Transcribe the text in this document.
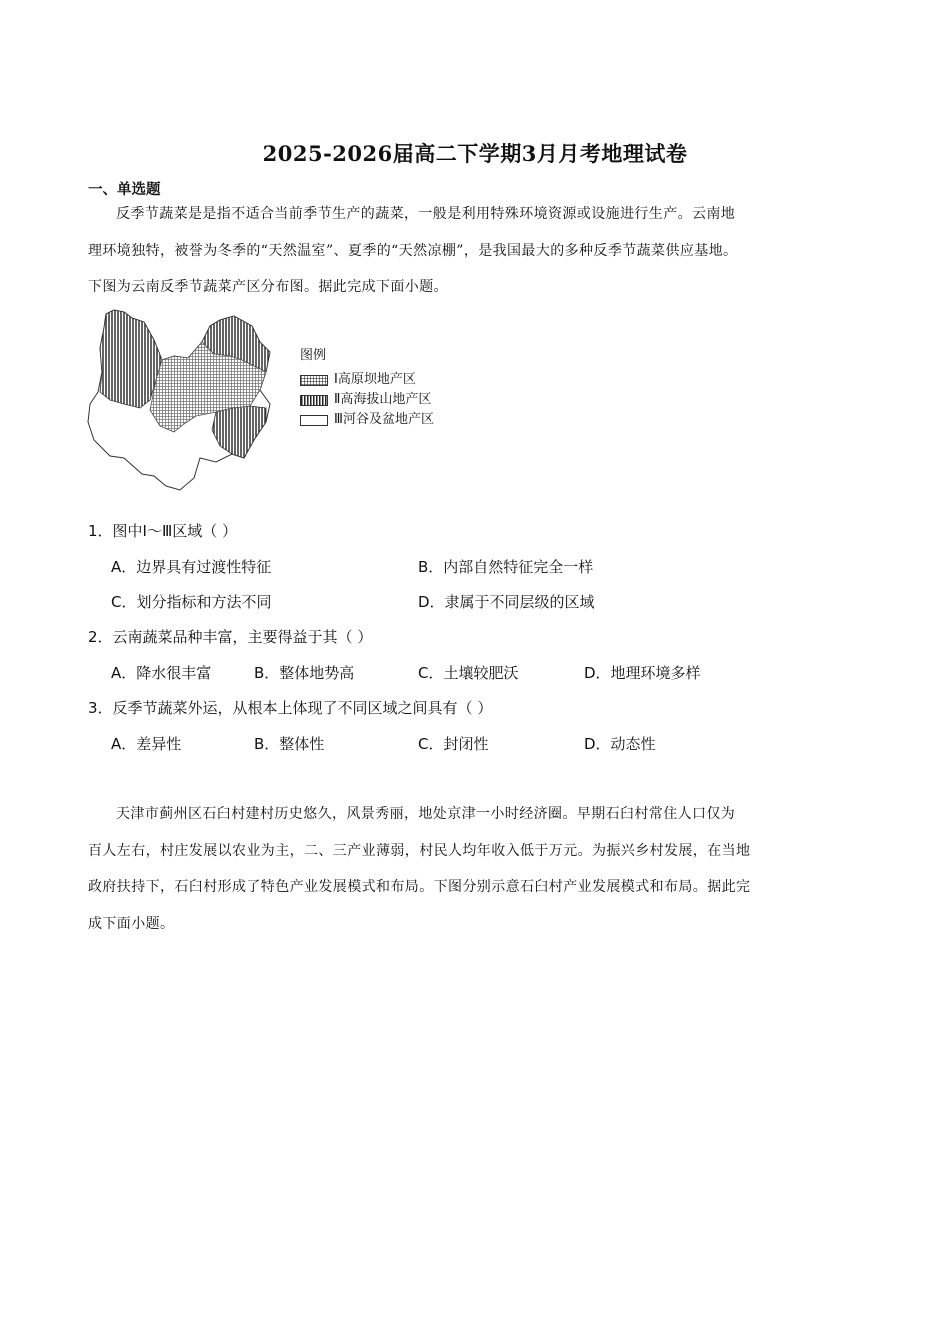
2025-2026届高二下学期3月月考地理试卷
一、单选题
反季节蔬菜是是指不适合当前季节生产的蔬菜，一般是利用特殊环境资源或设施进行生产。云南地
理环境独特，被誉为冬季的“天然温室”、夏季的“天然凉棚”，是我国最大的多种反季节蔬菜供应基地。
下图为云南反季节蔬菜产区分布图。据此完成下面小题。
图例
Ⅰ高原坝地产区
Ⅱ高海拔山地产区
Ⅲ河谷及盆地产区
1．图中Ⅰ～Ⅲ区域（ ）
A．边界具有过渡性特征	B．内部自然特征完全一样
C．划分指标和方法不同	D．隶属于不同层级的区域
2．云南蔬菜品种丰富，主要得益于其（ ）
A．降水很丰富	B．整体地势高	C．土壤较肥沃	D．地理环境多样
3．反季节蔬菜外运，从根本上体现了不同区域之间具有（ ）
A．差异性	B．整体性	C．封闭性	D．动态性
天津市蓟州区石臼村建村历史悠久，风景秀丽，地处京津一小时经济圈。早期石臼村常住人口仅为
百人左右，村庄发展以农业为主，二、三产业薄弱，村民人均年收入低于万元。为振兴乡村发展，在当地
政府扶持下，石臼村形成了特色产业发展模式和布局。下图分别示意石臼村产业发展模式和布局。据此完
成下面小题。
